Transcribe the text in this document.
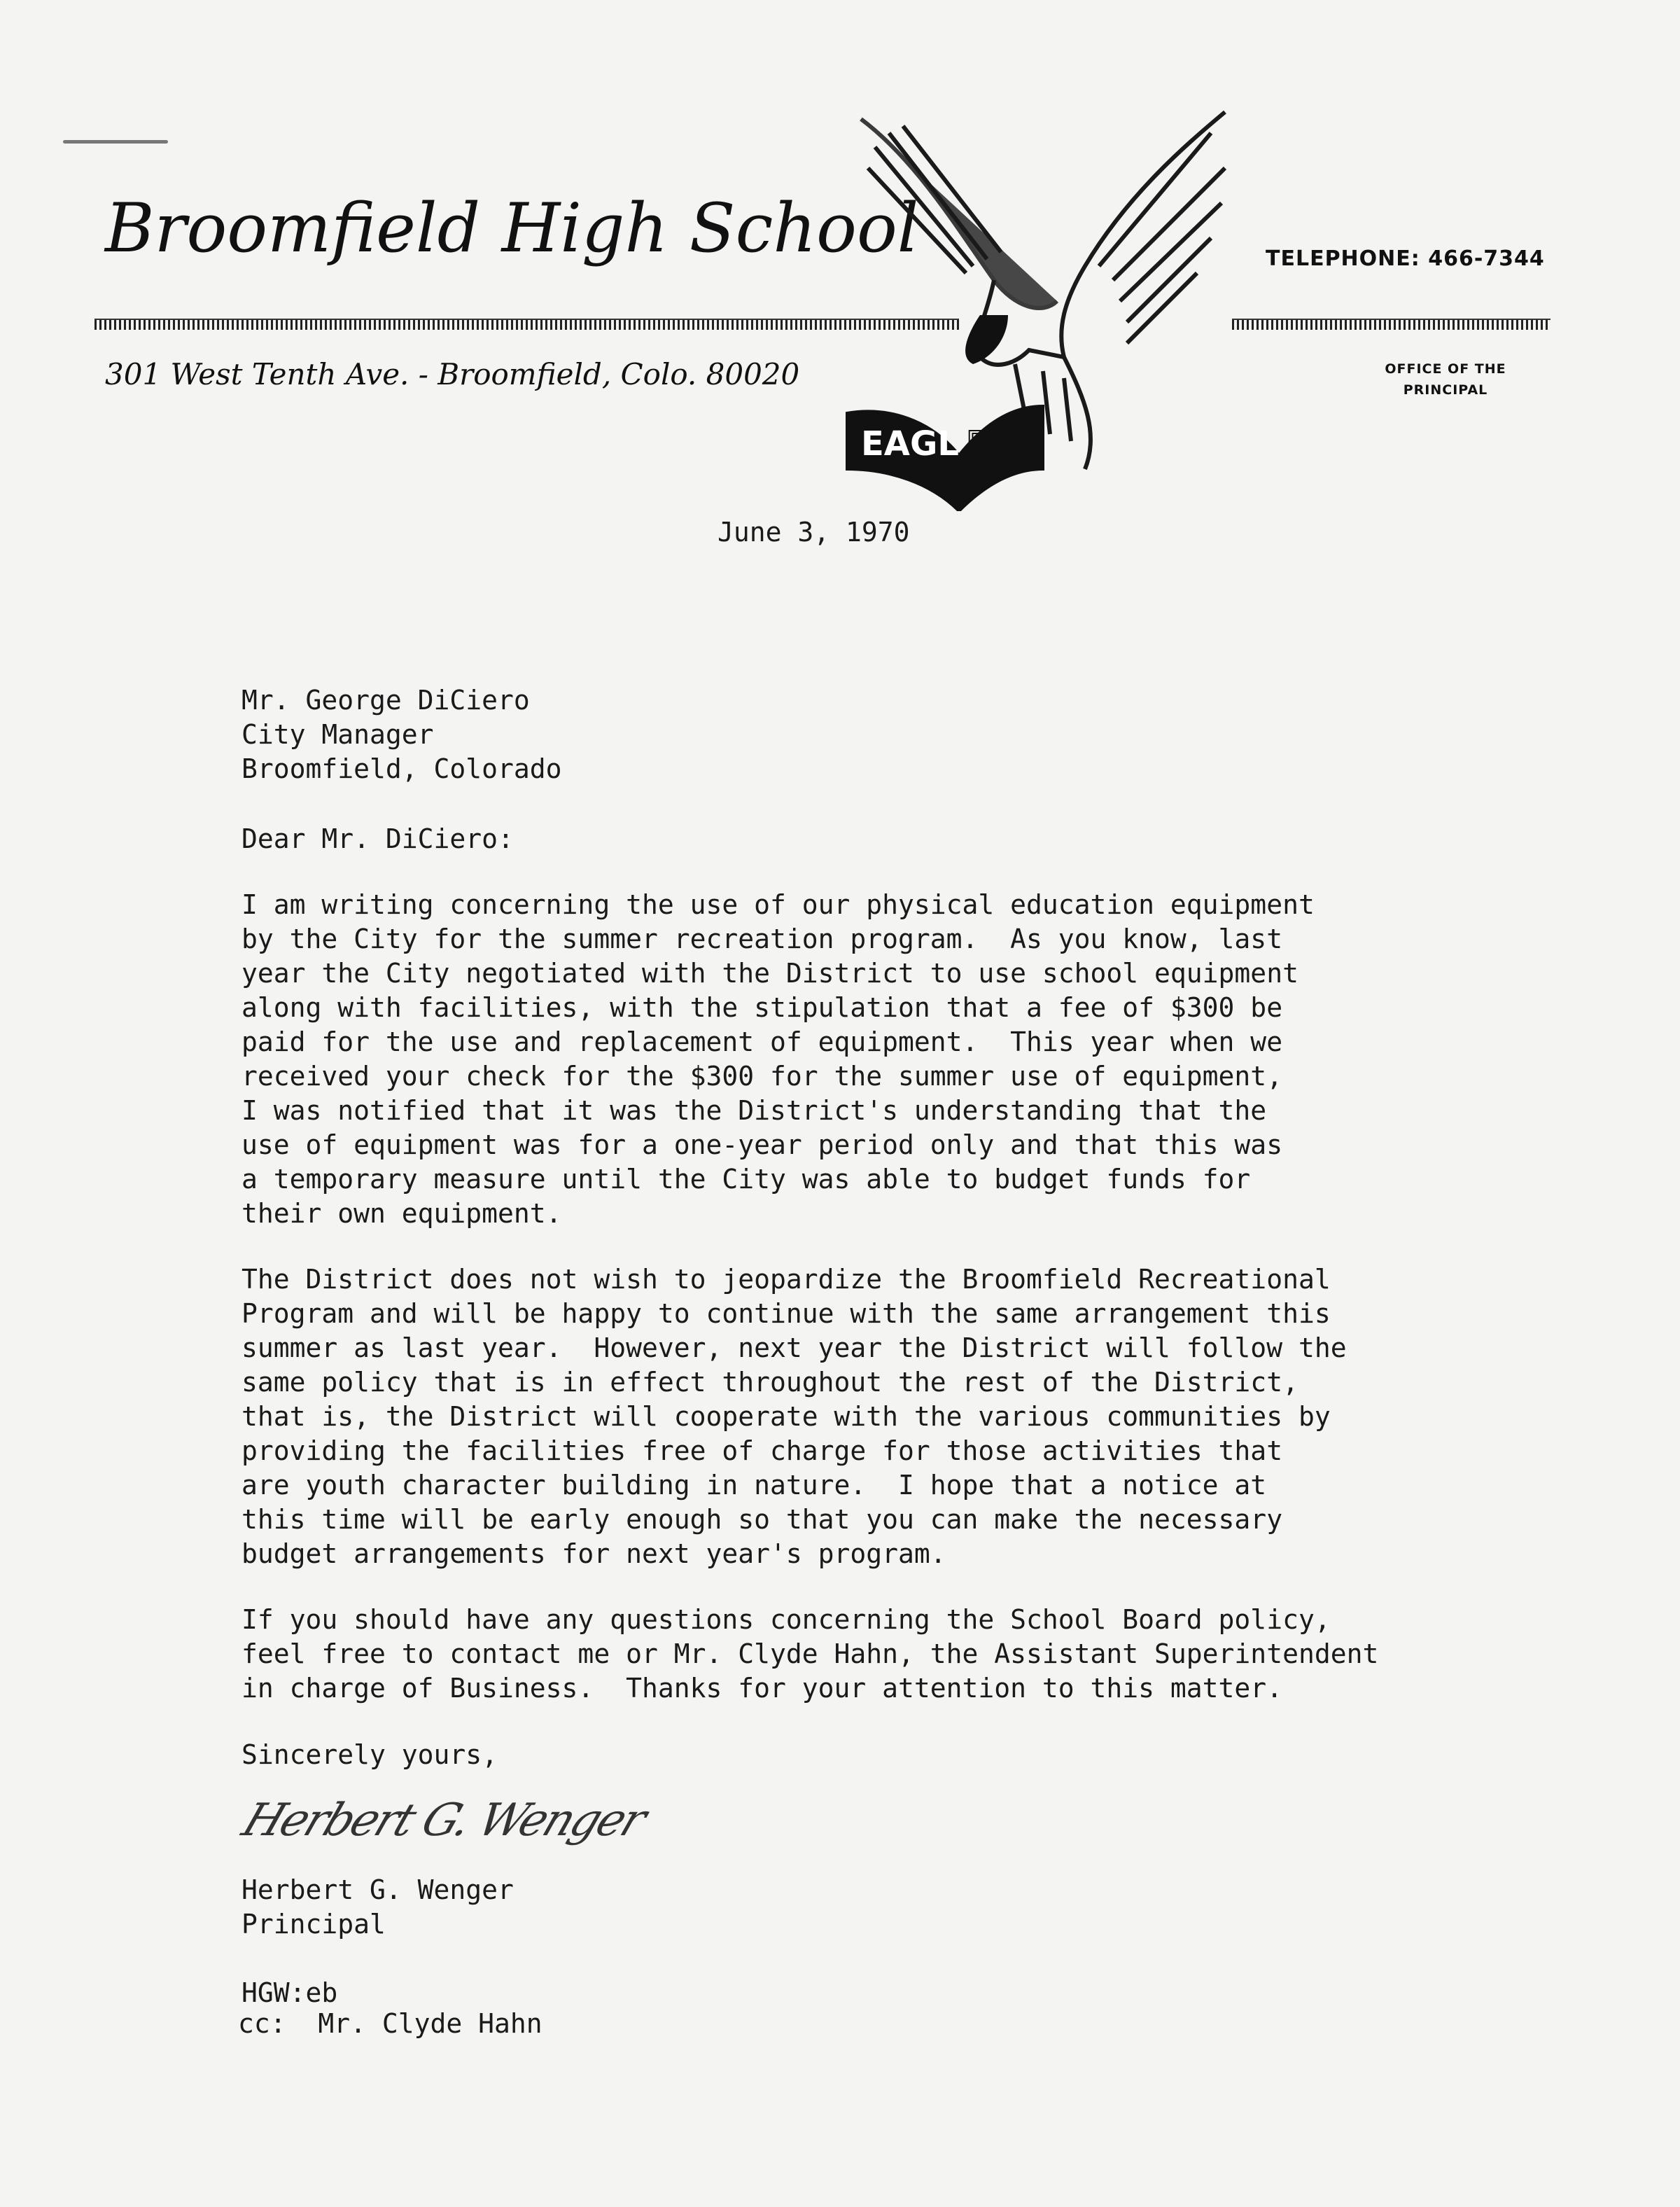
Broomfield High School
301 West Tenth Ave. - Broomfield, Colo. 80020
TELEPHONE: 466-7344
OFFICE OF THE
PRINCIPAL
EAGL ES
June 3, 1970
Mr. George DiCiero
City Manager
Broomfield, Colorado
Dear Mr. DiCiero:
I am writing concerning the use of our physical education equipment
by the City for the summer recreation program.  As you know, last
year the City negotiated with the District to use school equipment
along with facilities, with the stipulation that a fee of $300 be
paid for the use and replacement of equipment.  This year when we
received your check for the $300 for the summer use of equipment,
I was notified that it was the District's understanding that the
use of equipment was for a one-year period only and that this was
a temporary measure until the City was able to budget funds for
their own equipment.
The District does not wish to jeopardize the Broomfield Recreational
Program and will be happy to continue with the same arrangement this
summer as last year.  However, next year the District will follow the
same policy that is in effect throughout the rest of the District,
that is, the District will cooperate with the various communities by
providing the facilities free of charge for those activities that
are youth character building in nature.  I hope that a notice at
this time will be early enough so that you can make the necessary
budget arrangements for next year's program.
If you should have any questions concerning the School Board policy,
feel free to contact me or Mr. Clyde Hahn, the Assistant Superintendent
in charge of Business.  Thanks for your attention to this matter.
Sincerely yours,
Herbert G. Wenger
Herbert G. Wenger
Principal
HGW:eb
cc:  Mr. Clyde Hahn
